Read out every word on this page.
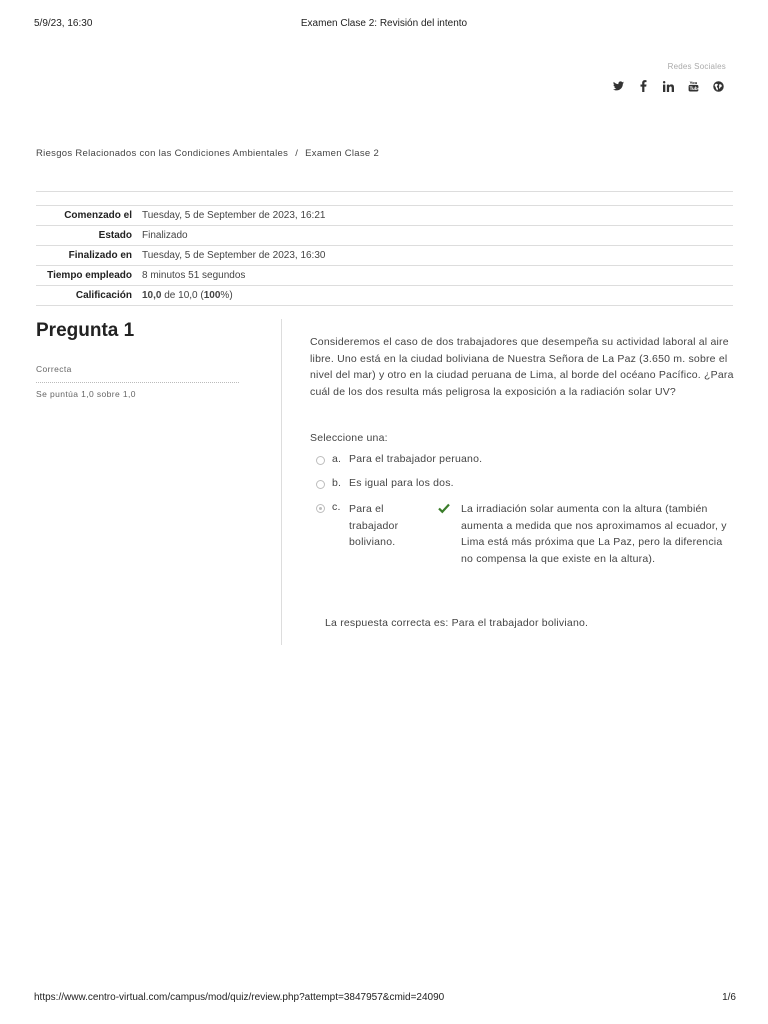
5/9/23, 16:30	Examen Clase 2: Revisión del intento
Redes Sociales
You
Tube
Riesgos Relacionados con las Condiciones Ambientales / Examen Clase 2
Comenzado el	Tuesday, 5 de September de 2023, 16:21
Estado	Finalizado
Finalizado en	Tuesday, 5 de September de 2023, 16:30
Tiempo empleado	8 minutos 51 segundos
Calificación	10,0 de 10,0 (100%)
Pregunta 1
Correcta
Se puntúa 1,0 sobre 1,0
Consideremos el caso de dos trabajadores que desempeña su actividad laboral al aire libre. Uno está en la ciudad boliviana de Nuestra Señora de La Paz (3.650 m. sobre el nivel del mar) y otro en la ciudad peruana de Lima, al borde del océano Pacífico. ¿Para cuál de los dos resulta más peligrosa la exposición a la radiación solar UV?
Seleccione una:
a. Para el trabajador peruano.
b. Es igual para los dos.
c. Para el trabajador boliviano.
La irradiación solar aumenta con la altura (también aumenta a medida que nos aproximamos al ecuador, y Lima está más próxima que La Paz, pero la diferencia no compensa la que existe en la altura).
La respuesta correcta es: Para el trabajador boliviano.
https://www.centro-virtual.com/campus/mod/quiz/review.php?attempt=3847957&cmid=24090	1/6
